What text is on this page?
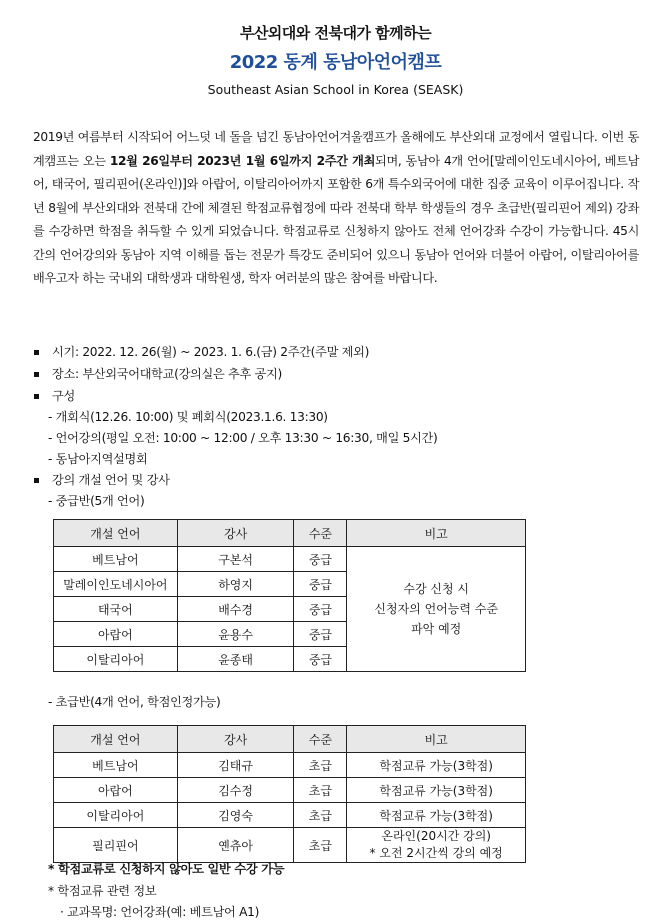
부산외대와 전북대가 함께하는
2022 동계 동남아언어캠프
Southeast Asian School in Korea (SEASK)

2019년 여름부터 시작되어 어느덧 네 돌을 넘긴 동남아언어겨울캠프가 올해에도 부산외대 교정에서 열립니다. 이번 동계캠프는 오는 12월 26일부터 2023년 1월 6일까지 2주간 개최되며, 동남아 4개 언어[말레이인도네시아어, 베트남어, 태국어, 필리핀어(온라인)]와 아랍어, 이탈리아어까지 포함한 6개 특수외국어에 대한 집중 교육이 이루어집니다. 작년 8월에 부산외대와 전북대 간에 체결된 학점교류협정에 따라 전북대 학부 학생들의 경우 초급반(필리핀어 제외) 강좌를 수강하면 학점을 취득할 수 있게 되었습니다. 학점교류로 신청하지 않아도 전체 언어강좌 수강이 가능합니다. 45시간의 언어강의와 동남아 지역 이해를 돕는 전문가 특강도 준비되어 있으니 동남아 언어와 더불어 아랍어, 이탈리아어를 배우고자 하는 국내외 대학생과 대학원생, 학자 여러분의 많은 참여를 바랍니다.

시기: 2022. 12. 26(월) ~ 2023. 1. 6.(금) 2주간(주말 제외)
장소: 부산외국어대학교(강의실은 추후 공지)
구성
- 개회식(12.26. 10:00) 및 폐회식(2023.1.6. 13:30)
- 언어강의(평일 오전: 10:00 ~ 12:00 / 오후 13:30 ~ 16:30, 매일 5시간)
- 동남아지역설명회
강의 개설 언어 및 강사
- 중급반(5개 언어)
개설 언어	강사	수준	비고
베트남어	구본석	중급	수강 신청 시
신청자의 언어능력 수준
파악 예정

말레이인도네시아어	하영지	중급	
태국어	배수경	중급	
아랍어	윤용수	중급	
이탈리아어	윤종태	중급	
- 초급반(4개 언어, 학점인정가능)
개설 언어	강사	수준	비고
베트남어	김태규	초급	학점교류 가능(3학점)
아랍어	김수정	초급	학점교류 가능(3학점)
이탈리아어	김영숙	초급	학점교류 가능(3학점)
필리핀어	옌츄아	초급	온라인(20시간 강의)
* 오전 2시간씩 강의 예정
* 학점교류로 신청하지 않아도 일반 수강 가능
* 학점교류 관련 정보
· 교과목명: 언어강좌(예: 베트남어 A1)
